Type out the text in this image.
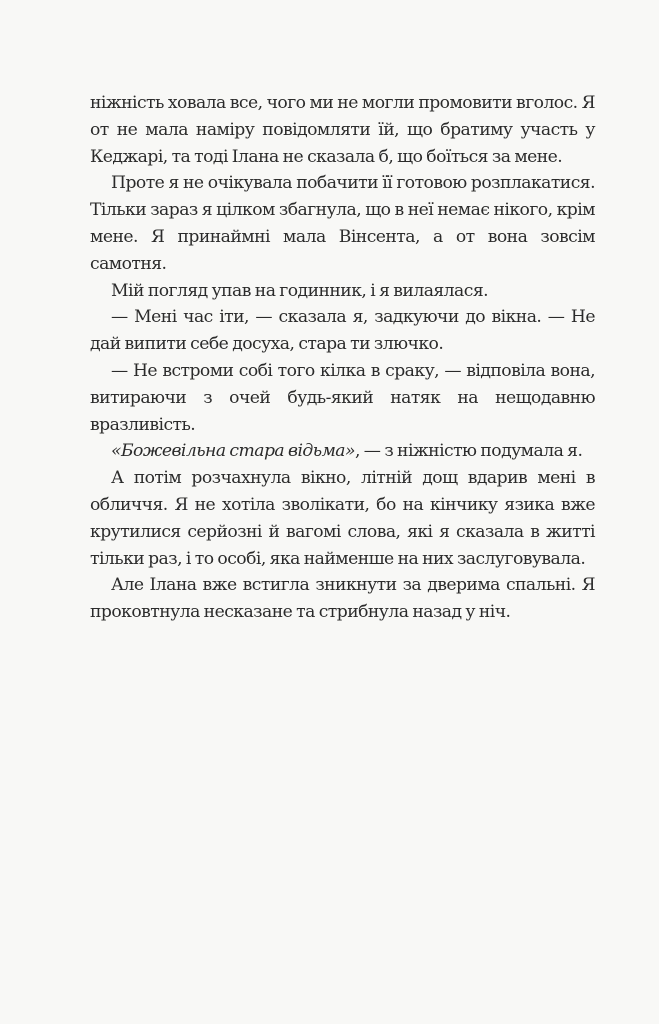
ніжність ховала все, чого ми не могли промовити вголос. Я от не мала наміру повідомляти їй, що братиму участь у Кеджарі, та тоді Ілана не сказала б, що боїться за мене.

Проте я не очікувала побачити її готовою розплакатися. Тільки зараз я цілком збагнула, що в неї немає нікого, крім мене. Я принаймні мала Вінсента, а от вона зовсім самотня.

Мій погляд упав на годинник, і я вилаялася.

— Мені час іти, — сказала я, задкуючи до вікна. — Не дай випити себе досуха, стара ти злючко.

— Не встроми собі того кілка в сраку, — відповіла вона, витираючи з очей будь-який натяк на нещодавню вразливість.

«Божевільна стара відьма», — з ніжністю подумала я.

А потім розчахнула вікно, літній дощ вдарив мені в обличчя. Я не хотіла зволікати, бо на кінчику язика вже крутилися серйозні й вагомі слова, які я сказала в житті тільки раз, і то особі, яка найменше на них заслуговувала.

Але Ілана вже встигла зникнути за дверима спальні. Я проковтнула несказане та стрибнула назад у ніч.
